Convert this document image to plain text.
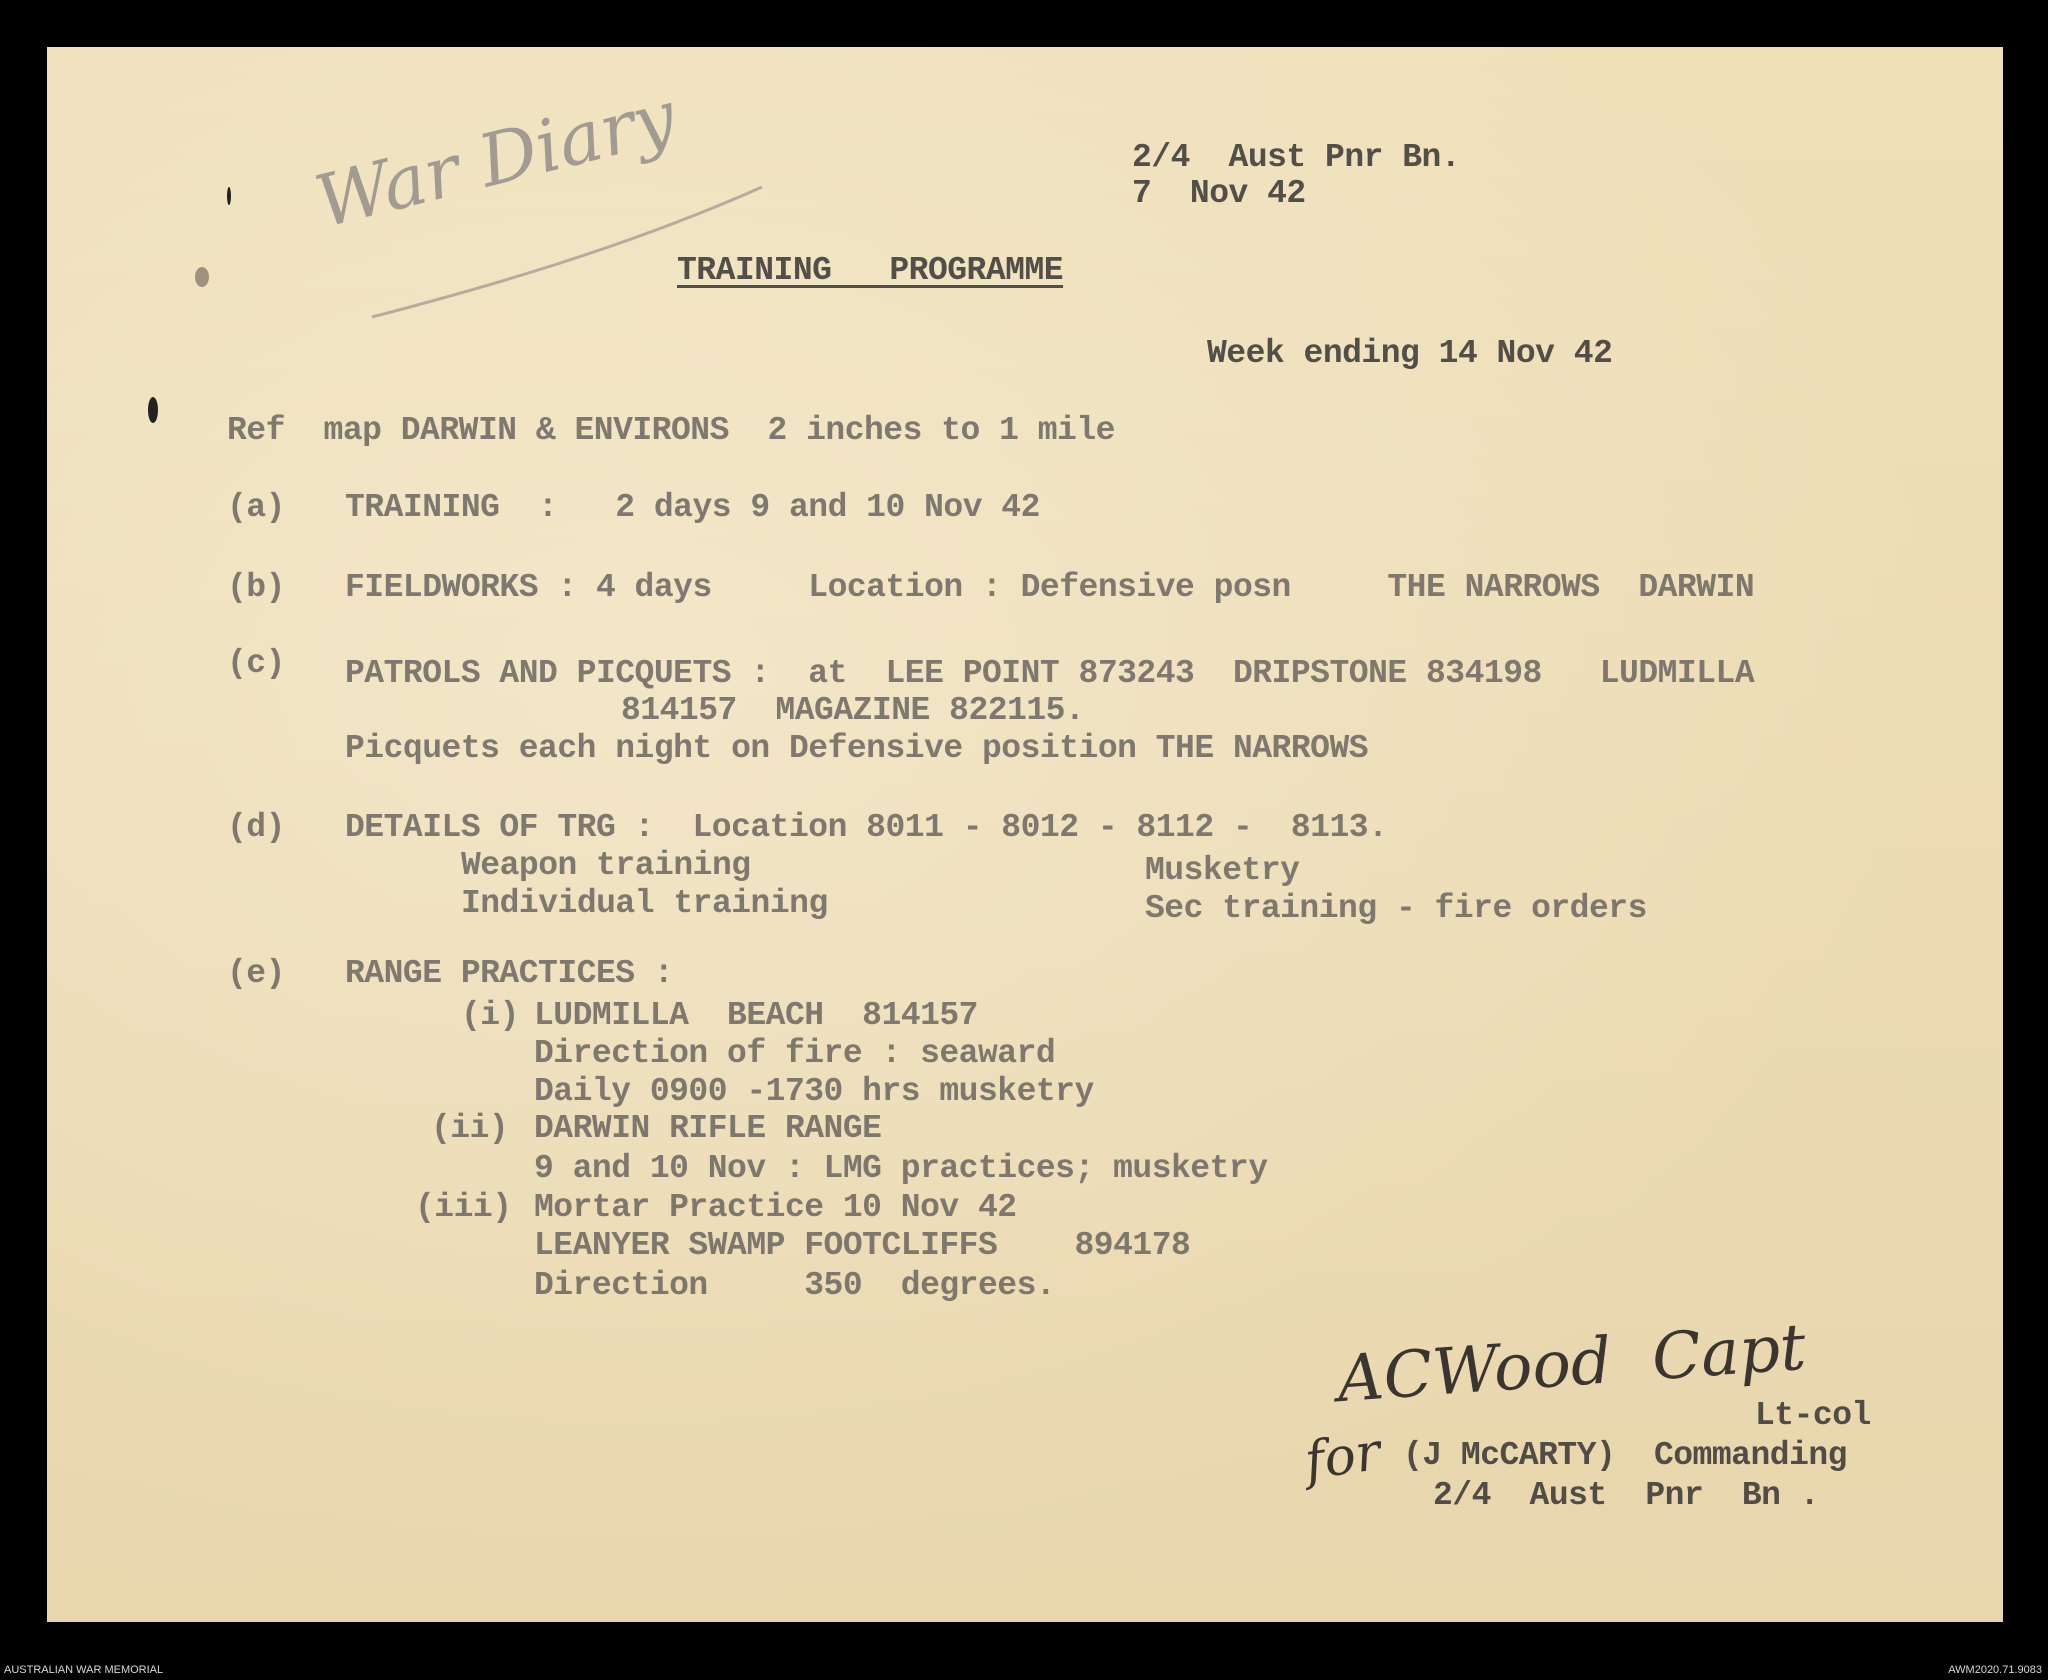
War Diary	2/4  Aust Pnr Bn.
7  Nov 42
TRAINING   PROGRAMME
Week ending 14 Nov 42
Ref  map DARWIN & ENVIRONS  2 inches to 1 mile
(a) TRAINING  :   2 days 9 and 10 Nov 42
(b) FIELDWORKS : 4 days     Location : Defensive posn     THE NARROWS  DARWIN
(c) PATROLS AND PICQUETS :  at  LEE POINT 873243  DRIPSTONE 834198   LUDMILLA
814157  MAGAZINE 822115.
Picquets each night on Defensive position THE NARROWS
(d) DETAILS OF TRG :  Location 8011 - 8012 - 8112 -  8113.
Weapon training
Individual training
Musketry
Sec training - fire orders
(e) RANGE PRACTICES :
(i) LUDMILLA  BEACH  814157
Direction of fire : seaward
Daily 0900 -1730 hrs musketry
(ii) DARWIN RIFLE RANGE
9 and 10 Nov : LMG practices; musketry
(iii) Mortar Practice 10 Nov 42
LEANYER SWAMP FOOTCLIFFS    894178
Direction     350  degrees.
ACWood  Capt
for
Lt-col
(J McCARTY)  Commanding
2/4  Aust  Pnr  Bn .
AUSTRALIAN WAR MEMORIAL	AWM2020.71.9083
